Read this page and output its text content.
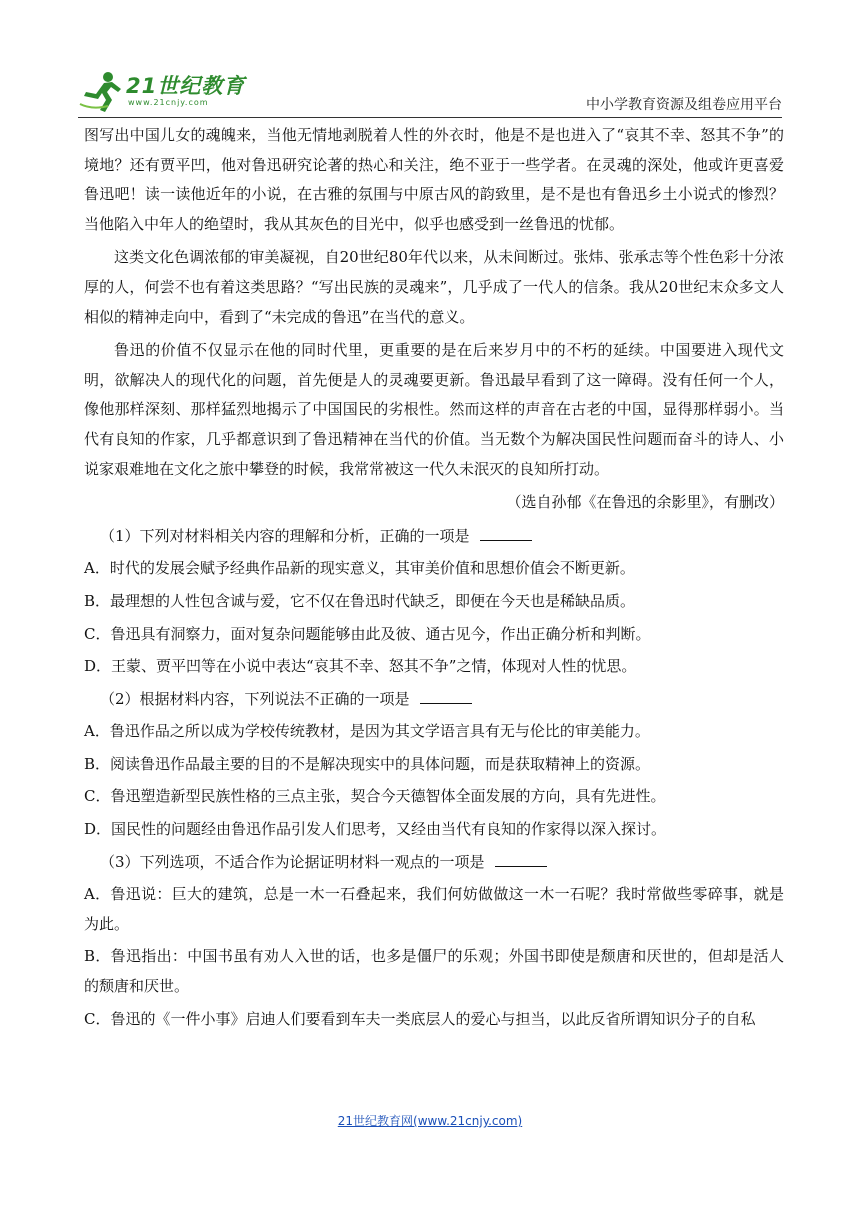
21世纪教育
www.21cnjy.com	中小学教育资源及组卷应用平台

图写出中国儿女的魂魄来，当他无情地剥脱着人性的外衣时，他是不是也进入了“哀其不幸、怒其不争”的境地？还有贾平凹，他对鲁迅研究论著的热心和关注，绝不亚于一些学者。在灵魂的深处，他或许更喜爱鲁迅吧！读一读他近年的小说，在古雅的氛围与中原古风的韵致里，是不是也有鲁迅乡土小说式的惨烈？当他陷入中年人的绝望时，我从其灰色的目光中，似乎也感受到一丝鲁迅的忧郁。

这类文化色调浓郁的审美凝视，自20世纪80年代以来，从未间断过。张炜、张承志等个性色彩十分浓厚的人，何尝不也有着这类思路？“写出民族的灵魂来”，几乎成了一代人的信条。我从20世纪末众多文人相似的精神走向中，看到了“未完成的鲁迅”在当代的意义。

鲁迅的价值不仅显示在他的同时代里，更重要的是在后来岁月中的不朽的延续。中国要进入现代文明，欲解决人的现代化的问题，首先便是人的灵魂要更新。鲁迅最早看到了这一障碍。没有任何一个人，像他那样深刻、那样猛烈地揭示了中国国民的劣根性。然而这样的声音在古老的中国，显得那样弱小。当代有良知的作家，几乎都意识到了鲁迅精神在当代的价值。当无数个为解决国民性问题而奋斗的诗人、小说家艰难地在文化之旅中攀登的时候，我常常被这一代久未泯灭的良知所打动。

（选自孙郁《在鲁迅的余影里》，有删改）
（1）下列对材料相关内容的理解和分析，正确的一项是
A．时代的发展会赋予经典作品新的现实意义，其审美价值和思想价值会不断更新。
B．最理想的人性包含诚与爱，它不仅在鲁迅时代缺乏，即便在今天也是稀缺品质。
C．鲁迅具有洞察力，面对复杂问题能够由此及彼、通古见今，作出正确分析和判断。
D．王蒙、贾平凹等在小说中表达“哀其不幸、怒其不争”之情，体现对人性的忧思。
（2）根据材料内容，下列说法不正确的一项是
A．鲁迅作品之所以成为学校传统教材，是因为其文学语言具有无与伦比的审美能力。
B．阅读鲁迅作品最主要的目的不是解决现实中的具体问题，而是获取精神上的资源。
C．鲁迅塑造新型民族性格的三点主张，契合今天德智体全面发展的方向，具有先进性。
D．国民性的问题经由鲁迅作品引发人们思考，又经由当代有良知的作家得以深入探讨。
（3）下列选项，不适合作为论据证明材料一观点的一项是
A．鲁迅说：巨大的建筑，总是一木一石叠起来，我们何妨做做这一木一石呢？我时常做些零碎事，就是为此。
B．鲁迅指出：中国书虽有劝人入世的话，也多是僵尸的乐观；外国书即使是颓唐和厌世的，但却是活人的颓唐和厌世。
C．鲁迅的《一件小事》启迪人们要看到车夫一类底层人的爱心与担当，以此反省所谓知识分子的自私
21世纪教育网(www.21cnjy.com)
